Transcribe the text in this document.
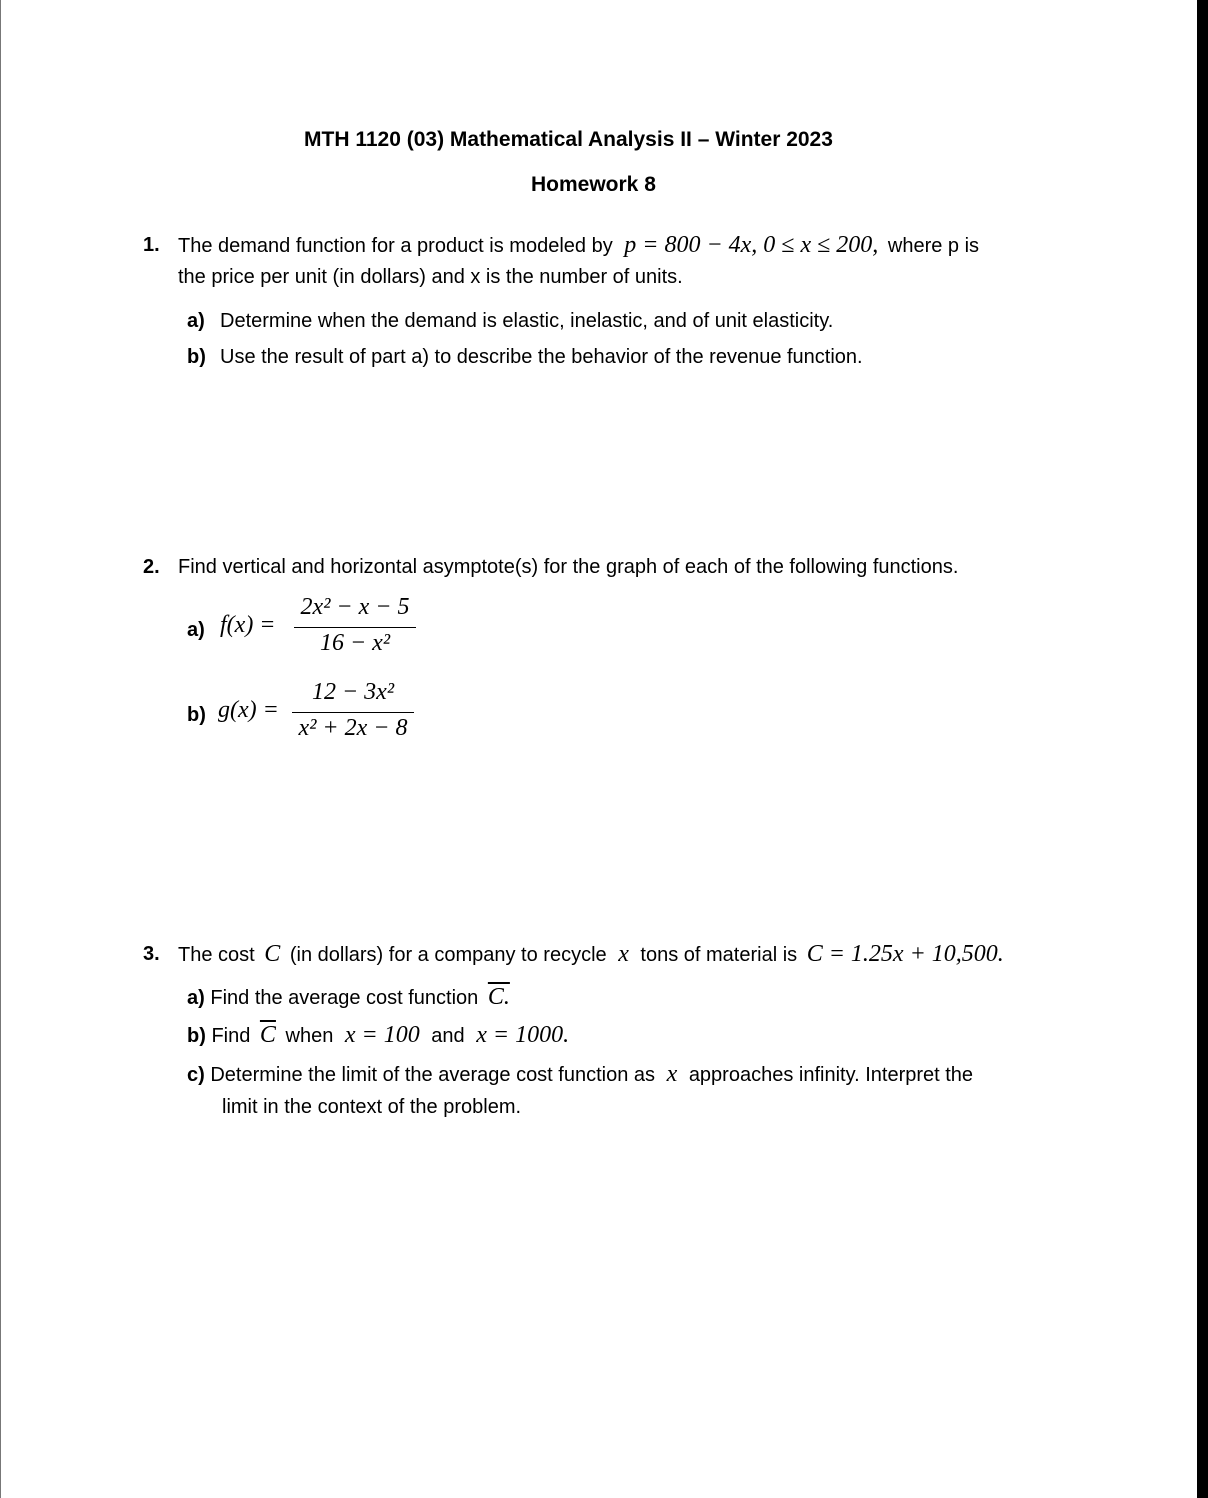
MTH 1120 (03) Mathematical Analysis II – Winter 2023
Homework 8
1. The demand function for a product is modeled by p = 800 − 4x, 0 ≤ x ≤ 200, where p is
the price per unit (in dollars) and x is the number of units.
a) Determine when the demand is elastic, inelastic, and of unit elasticity.
b) Use the result of part a) to describe the behavior of the revenue function.
2. Find vertical and horizontal asymptote(s) for the graph of each of the following functions.
a) f(x) =
2x² − x − 5
16 − x²
b) g(x) =
12 − 3x²
x² + 2x − 8
3. The cost C (in dollars) for a company to recycle x tons of material is C = 1.25x + 10,500.
a) Find the average cost function C.
b) Find $\overline{C}$ when x = 100 and x = 1000.
c) Determine the limit of the average cost function as x approaches infinity. Interpret the
limit in the context of the problem.
